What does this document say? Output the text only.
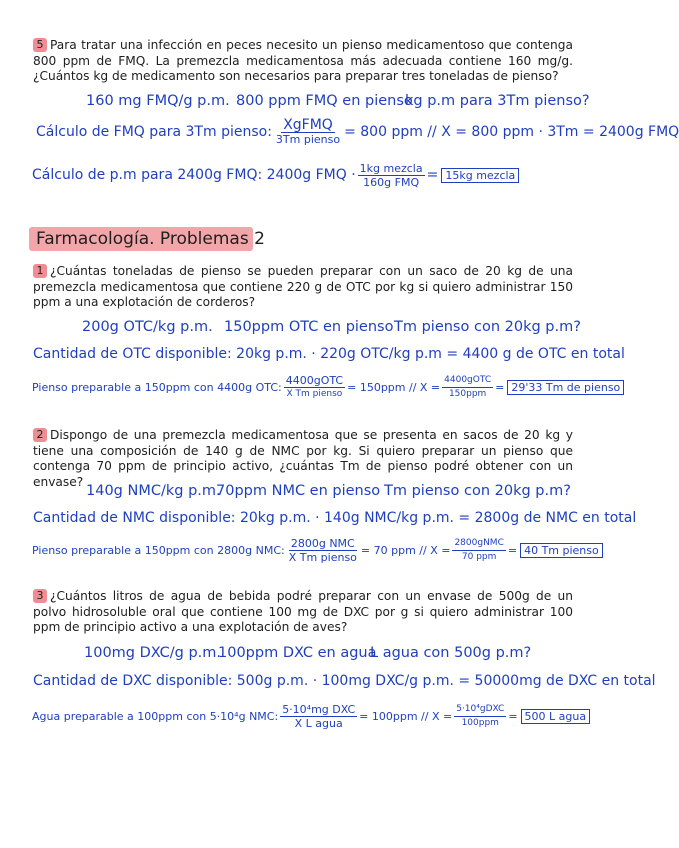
5 Para tratar una infección en peces necesito un pienso medicamentoso que contenga 800 ppm de FMQ. La premezcla medicamentosa más adecuada contiene 160 mg/g. ¿Cuántos kg de medicamento son necesarios para preparar tres toneladas de pienso?
160 mg FMQ/g p.m. 800 ppm FMQ en pienso
kg p.m para 3Tm pienso?
Cálculo de FMQ para 3Tm pienso: $\frac{\text{XgFMQ}}{\text{3Tm pienso}} = 800$ ppm // X = 800 ppm · 3Tm = 2400g FMQ
Cálculo de p.m para 2400g FMQ: 2400g FMQ · $\frac{\text{1kg mezcla}}{\text{160g FMQ}} = 15kg$ mezcla
Farmacología. Problemas 2
1 ¿Cuántas toneladas de pienso se pueden preparar con un saco de 20 kg de una premezcla medicamentosa que contiene 220 g de OTC por kg si quiero administrar 150 ppm a una explotación de corderos?
200g OTC/kg p.m. 150ppm OTC en pienso Tm pienso con 20kg p.m?
Cantidad de OTC disponible: 20kg p.m. · 220g OTC/kg p.m = 4400 g de OTC en total
Pienso preparable a 150ppm con 4400g OTC: $\frac{\text{4400gOTC}}{\text{X Tm pienso}} = 150ppm // X = \frac{\text{4400gOTC}}{\text{150ppm}} = 29'33$ Tm de pienso
2 Dispongo de una premezcla medicamentosa que se presenta en sacos de 20 kg y tiene una composición de 140 g de NMC por kg. Si quiero preparar un pienso que contenga 70 ppm de principio activo, ¿cuántas Tm de pienso podré obtener con un envase?
140g NMC/kg p.m.
70ppm NMC en pienso Tm pienso con 20kg p.m?
Cantidad de NMC disponible: 20kg p.m. · 140g NMC/kg p.m. = 2800g de NMC en total
Pienso preparable a 150ppm con 2800g NMC: $\frac{\text{2800g NMC}}{\text{X Tm pienso}} = 70$ ppm // $X = \frac{\text{2800gNMC}}{\text{70 ppm}} = 40$ Tm pienso
3 ¿Cuántos litros de agua de bebida podré preparar con un envase de 500g de un polvo hidrosoluble oral que contiene 100 mg de DXC por g si quiero administrar 100 ppm de principio activo a una explotación de aves?
100mg DXC/g p.m.
100ppm DXC en agua
L agua con 500g p.m?
Cantidad de DXC disponible: 500g p.m. · 100mg DXC/g p.m. = 50000mg de DXC en total
Agua preparable a 100ppm con 5·10⁴g NMC: $\frac{\text{5·10⁴mg DXC}}{\text{X L agua}} = 100ppm // X = \frac{\text{5·10⁴gDXC}}{\text{100ppm}} = 500$ L agua
